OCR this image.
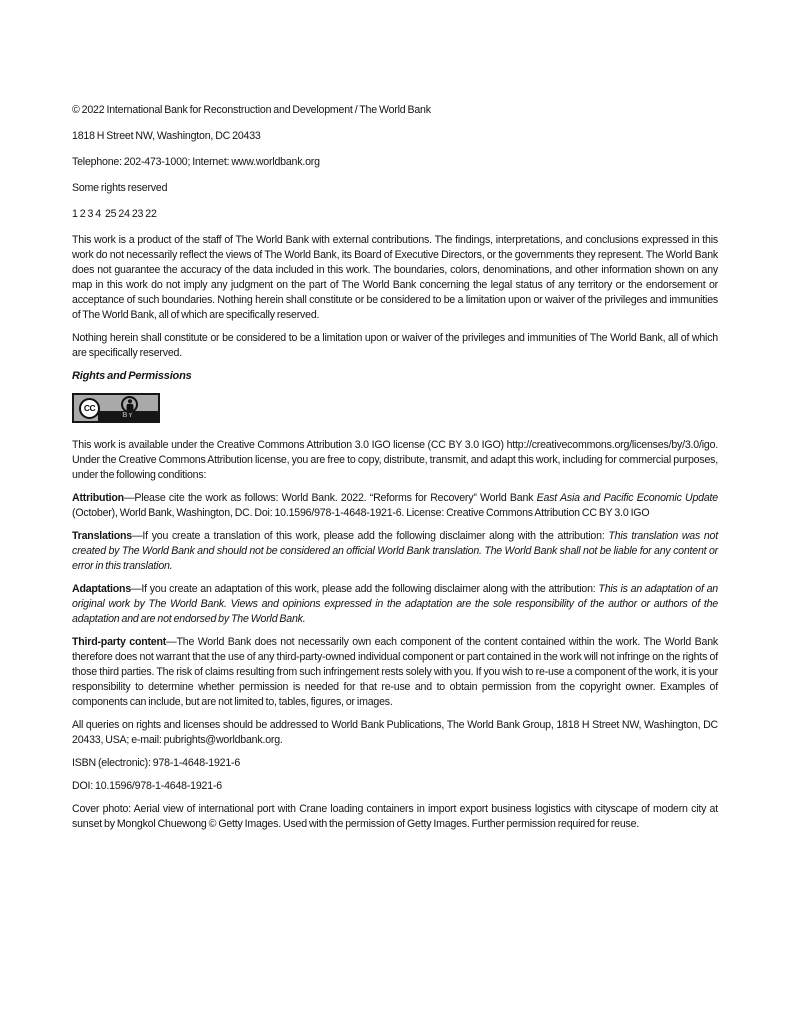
© 2022 International Bank for Reconstruction and Development / The World Bank

1818 H Street NW, Washington, DC 20433

Telephone: 202-473-1000; Internet: www.worldbank.org

Some rights reserved

1 2 3 4  25 24 23 22

This work is a product of the staff of The World Bank with external contributions. The findings, interpretations, and conclusions expressed in this work do not necessarily reflect the views of The World Bank, its Board of Executive Directors, or the governments they represent. The World Bank does not guarantee the accuracy of the data included in this work. The boundaries, colors, denominations, and other information shown on any map in this work do not imply any judgment on the part of The World Bank concerning the legal status of any territory or the endorsement or acceptance of such boundaries. Nothing herein shall constitute or be considered to be a limitation upon or waiver of the privileges and immunities of The World Bank, all of which are specifically reserved.

Nothing herein shall constitute or be considered to be a limitation upon or waiver of the privileges and immunities of The World Bank, all of which are specifically reserved.

Rights and Permissions
BY
CC

This work is available under the Creative Commons Attribution 3.0 IGO license (CC BY 3.0 IGO) http://creativecommons.org/licenses/by/3.0/igo. Under the Creative Commons Attribution license, you are free to copy, distribute, transmit, and adapt this work, including for commercial purposes, under the following conditions:

Attribution—Please cite the work as follows: World Bank. 2022. “Reforms for Recovery” World Bank East Asia and Pacific Economic Update (October), World Bank, Washington, DC. Doi: 10.1596/978-1-4648-1921-6. License: Creative Commons Attribution CC BY 3.0 IGO

Translations—If you create a translation of this work, please add the following disclaimer along with the attribution: This translation was not created by The World Bank and should not be considered an official World Bank translation. The World Bank shall not be liable for any content or error in this translation.

Adaptations—If you create an adaptation of this work, please add the following disclaimer along with the attribution: This is an adaptation of an original work by The World Bank. Views and opinions expressed in the adaptation are the sole responsibility of the author or authors of the adaptation and are not endorsed by The World Bank.

Third-party content—The World Bank does not necessarily own each component of the content contained within the work. The World Bank therefore does not warrant that the use of any third-party-owned individual component or part contained in the work will not infringe on the rights of those third parties. The risk of claims resulting from such infringement rests solely with you. If you wish to re-use a component of the work, it is your responsibility to determine whether permission is needed for that re-use and to obtain permission from the copyright owner. Examples of components can include, but are not limited to, tables, figures, or images.

All queries on rights and licenses should be addressed to World Bank Publications, The World Bank Group, 1818 H Street NW, Washington, DC 20433, USA; e-mail: pubrights@worldbank.org.

ISBN (electronic): 978-1-4648-1921-6

DOI: 10.1596/978-1-4648-1921-6

Cover photo: Aerial view of international port with Crane loading containers in import export business logistics with cityscape of modern city at sunset by Mongkol Chuewong © Getty Images. Used with the permission of Getty Images. Further permission required for reuse.
